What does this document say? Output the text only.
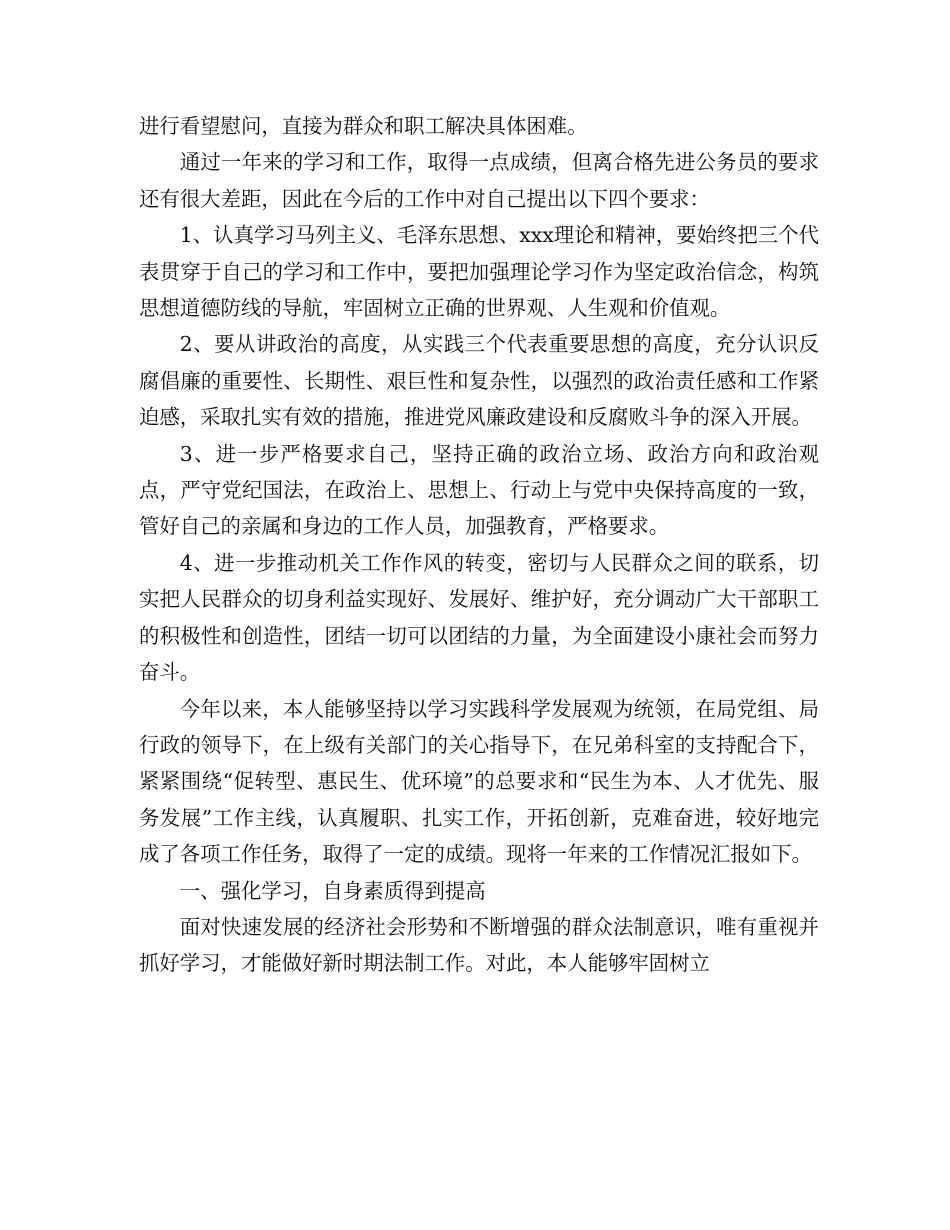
进行看望慰问，直接为群众和职工解决具体困难。

通过一年来的学习和工作，取得一点成绩，但离合格先进公务员的要求还有很大差距，因此在今后的工作中对自己提出以下四个要求：

1、认真学习马列主义、毛泽东思想、xxx理论和精神，要始终把三个代表贯穿于自己的学习和工作中，要把加强理论学习作为坚定政治信念，构筑思想道德防线的导航，牢固树立正确的世界观、人生观和价值观。

2、要从讲政治的高度，从实践三个代表重要思想的高度，充分认识反腐倡廉的重要性、长期性、艰巨性和复杂性，以强烈的政治责任感和工作紧迫感，采取扎实有效的措施，推进党风廉政建设和反腐败斗争的深入开展。

3、进一步严格要求自己，坚持正确的政治立场、政治方向和政治观点，严守党纪国法，在政治上、思想上、行动上与党中央保持高度的一致，管好自己的亲属和身边的工作人员，加强教育，严格要求。

4、进一步推动机关工作作风的转变，密切与人民群众之间的联系，切实把人民群众的切身利益实现好、发展好、维护好，充分调动广大干部职工的积极性和创造性，团结一切可以团结的力量，为全面建设小康社会而努力奋斗。

今年以来，本人能够坚持以学习实践科学发展观为统领，在局党组、局行政的领导下，在上级有关部门的关心指导下，在兄弟科室的支持配合下，紧紧围绕“促转型、惠民生、优环境”的总要求和“民生为本、人才优先、服务发展”工作主线，认真履职、扎实工作，开拓创新，克难奋进，较好地完成了各项工作任务，取得了一定的成绩。现将一年来的工作情况汇报如下。

一、强化学习，自身素质得到提高

面对快速发展的经济社会形势和不断增强的群众法制意识，唯有重视并抓好学习，才能做好新时期法制工作。对此，本人能够牢固树立
